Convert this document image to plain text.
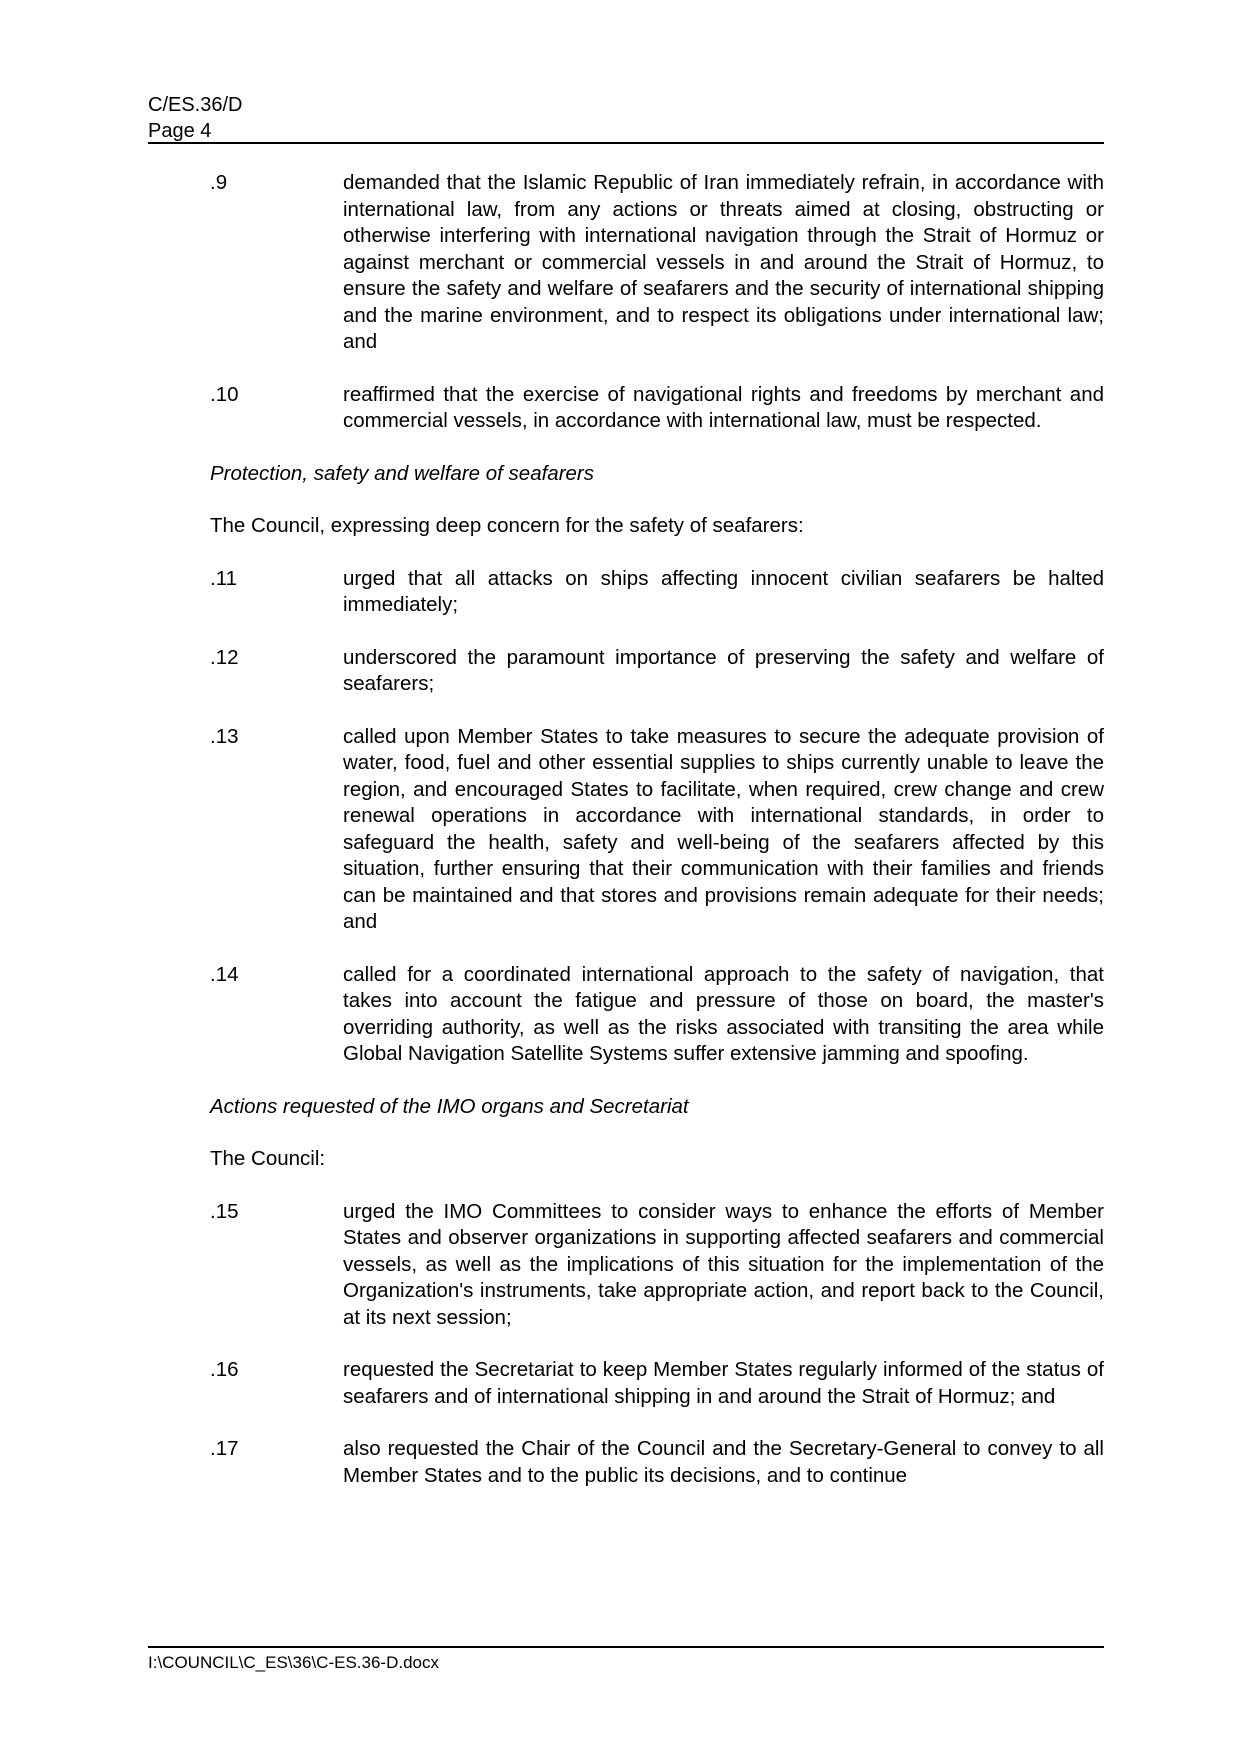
C/ES.36/D
Page 4
.9	demanded that the Islamic Republic of Iran immediately refrain, in accordance with international law, from any actions or threats aimed at closing, obstructing or otherwise interfering with international navigation through the Strait of Hormuz or against merchant or commercial vessels in and around the Strait of Hormuz, to ensure the safety and welfare of seafarers and the security of international shipping and the marine environment, and to respect its obligations under international law; and
.10	reaffirmed that the exercise of navigational rights and freedoms by merchant and commercial vessels, in accordance with international law, must be respected.
Protection, safety and welfare of seafarers
The Council, expressing deep concern for the safety of seafarers:
.11	urged that all attacks on ships affecting innocent civilian seafarers be halted immediately;
.12	underscored the paramount importance of preserving the safety and welfare of seafarers;
.13	called upon Member States to take measures to secure the adequate provision of water, food, fuel and other essential supplies to ships currently unable to leave the region, and encouraged States to facilitate, when required, crew change and crew renewal operations in accordance with international standards, in order to safeguard the health, safety and well-being of the seafarers affected by this situation, further ensuring that their communication with their families and friends can be maintained and that stores and provisions remain adequate for their needs; and
.14	called for a coordinated international approach to the safety of navigation, that takes into account the fatigue and pressure of those on board, the master's overriding authority, as well as the risks associated with transiting the area while Global Navigation Satellite Systems suffer extensive jamming and spoofing.
Actions requested of the IMO organs and Secretariat
The Council:
.15	urged the IMO Committees to consider ways to enhance the efforts of Member States and observer organizations in supporting affected seafarers and commercial vessels, as well as the implications of this situation for the implementation of the Organization's instruments, take appropriate action, and report back to the Council, at its next session;
.16	requested the Secretariat to keep Member States regularly informed of the status of seafarers and of international shipping in and around the Strait of Hormuz; and
.17	also requested the Chair of the Council and the Secretary-General to convey to all Member States and to the public its decisions, and to continue
I:\COUNCIL\C_ES\36\C-ES.36-D.docx
